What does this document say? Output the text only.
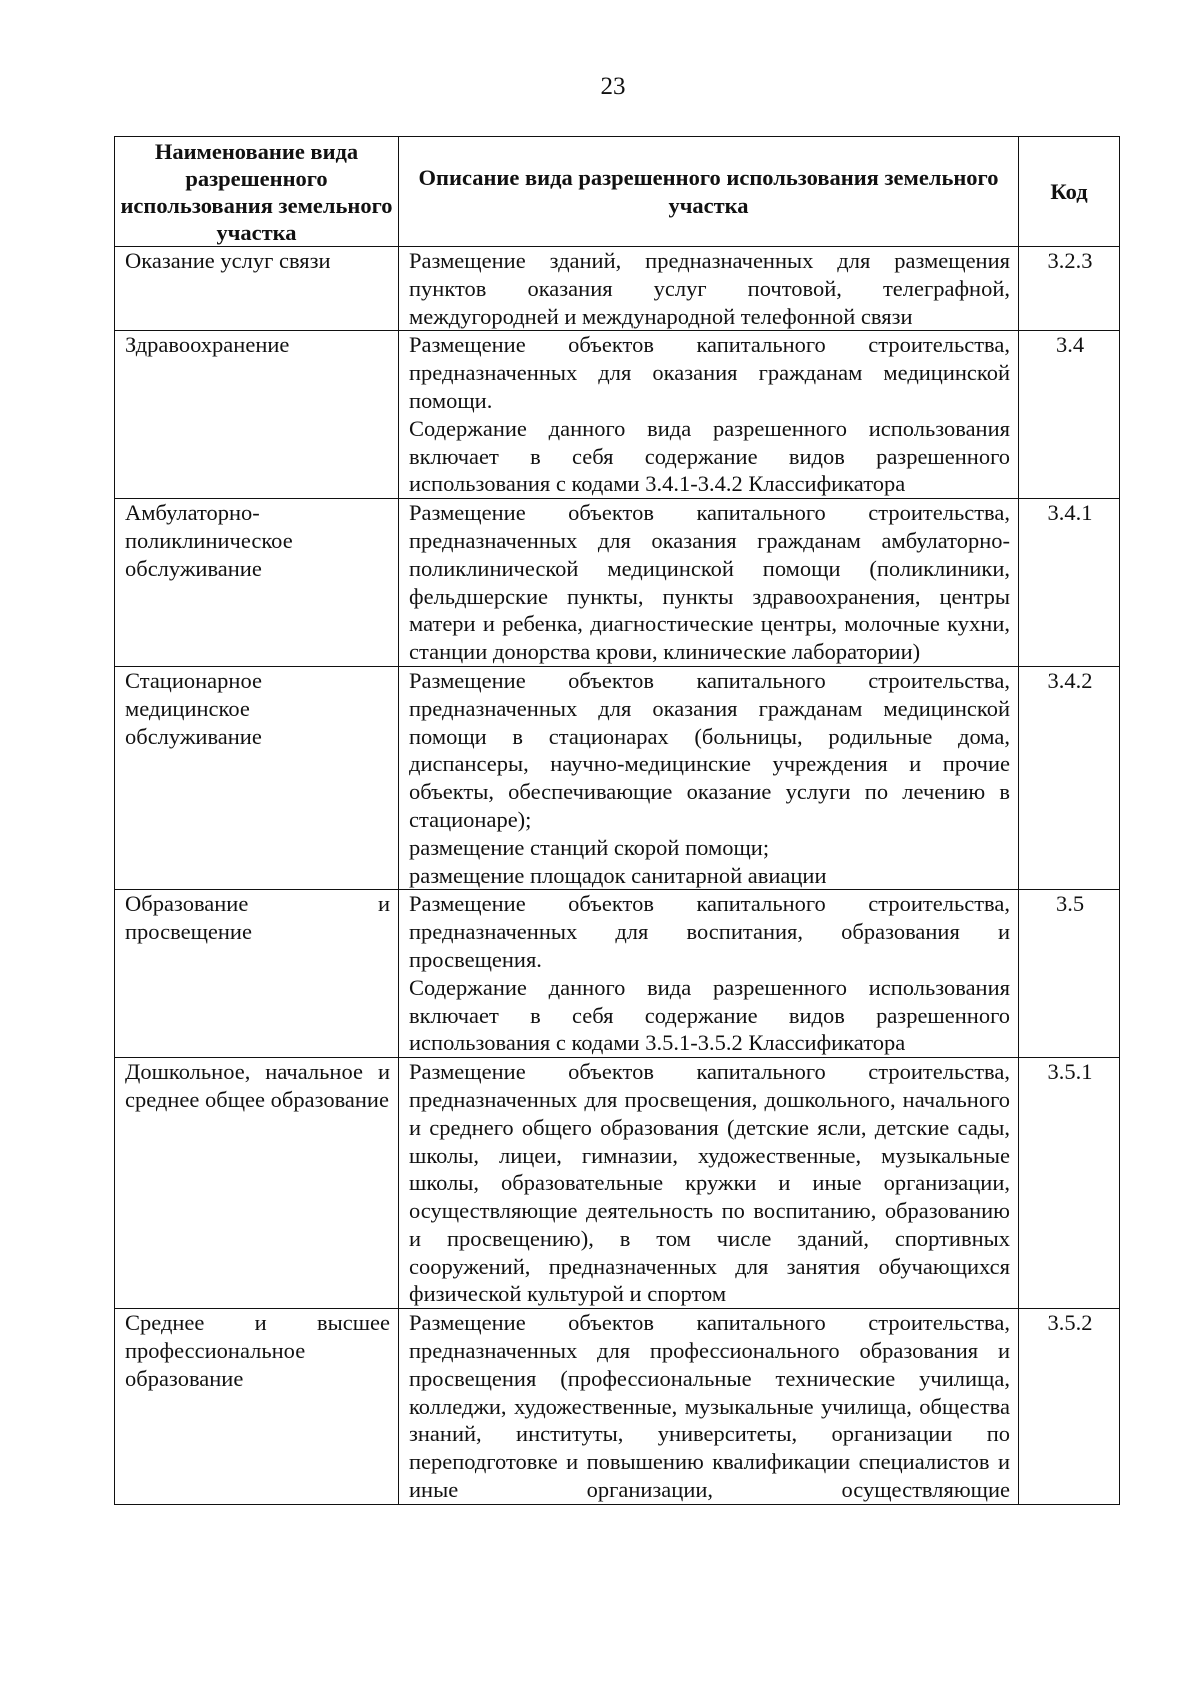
23
Наименование вида разрешенного использования земельного участка	Описание вида разрешенного использования земельного участка	Код

Оказание услуг связи	Размещение зданий, предназначенных для размещения пунктов оказания услуг почтовой, телеграфной, междугородней и международной телефонной связи	3.2.3

Здравоохранение	Размещение объектов капитального строительства, предназначенных для оказания гражданам медицинской помощи.
Содержание данного вида разрешенного использования включает в себя содержание видов разрешенного использования с кодами 3.4.1-3.4.2 Классификатора	3.4

Амбулаторно-поликлиническое обслуживание	Размещение объектов капитального строительства, предназначенных для оказания гражданам амбулаторно-поликлинической медицинской помощи (поликлиники, фельдшерские пункты, пункты здравоохранения, центры матери и ребенка, диагностические центры, молочные кухни, станции донорства крови, клинические лаборатории)	3.4.1

Стационарное медицинское обслуживание	Размещение объектов капитального строительства, предназначенных для оказания гражданам медицинской помощи в стационарах (больницы, родильные дома, диспансеры, научно-медицинские учреждения и прочие объекты, обеспечивающие оказание услуги по лечению в стационаре);
размещение станций скорой помощи;
размещение площадок санитарной авиации	3.4.2

Образование и просвещение	Размещение объектов капитального строительства, предназначенных для воспитания, образования и просвещения.
Содержание данного вида разрешенного использования включает в себя содержание видов разрешенного использования с кодами 3.5.1-3.5.2 Классификатора	3.5

Дошкольное, начальное и среднее общее образование	Размещение объектов капитального строительства, предназначенных для просвещения, дошкольного, начального и среднего общего образования (детские ясли, детские сады, школы, лицеи, гимназии, художественные, музыкальные школы, образовательные кружки и иные организации, осуществляющие деятельность по воспитанию, образованию и просвещению), в том числе зданий, спортивных сооружений, предназначенных для занятия обучающихся физической культурой и спортом	3.5.1

Среднее и высшее профессиональное образование	Размещение объектов капитального строительства, предназначенных для профессионального образования и просвещения (профессиональные технические училища, колледжи, художественные, музыкальные училища, общества знаний, институты, университеты, организации по переподготовке и повышению квалификации специалистов и иные организации, осуществляющие	3.5.2
